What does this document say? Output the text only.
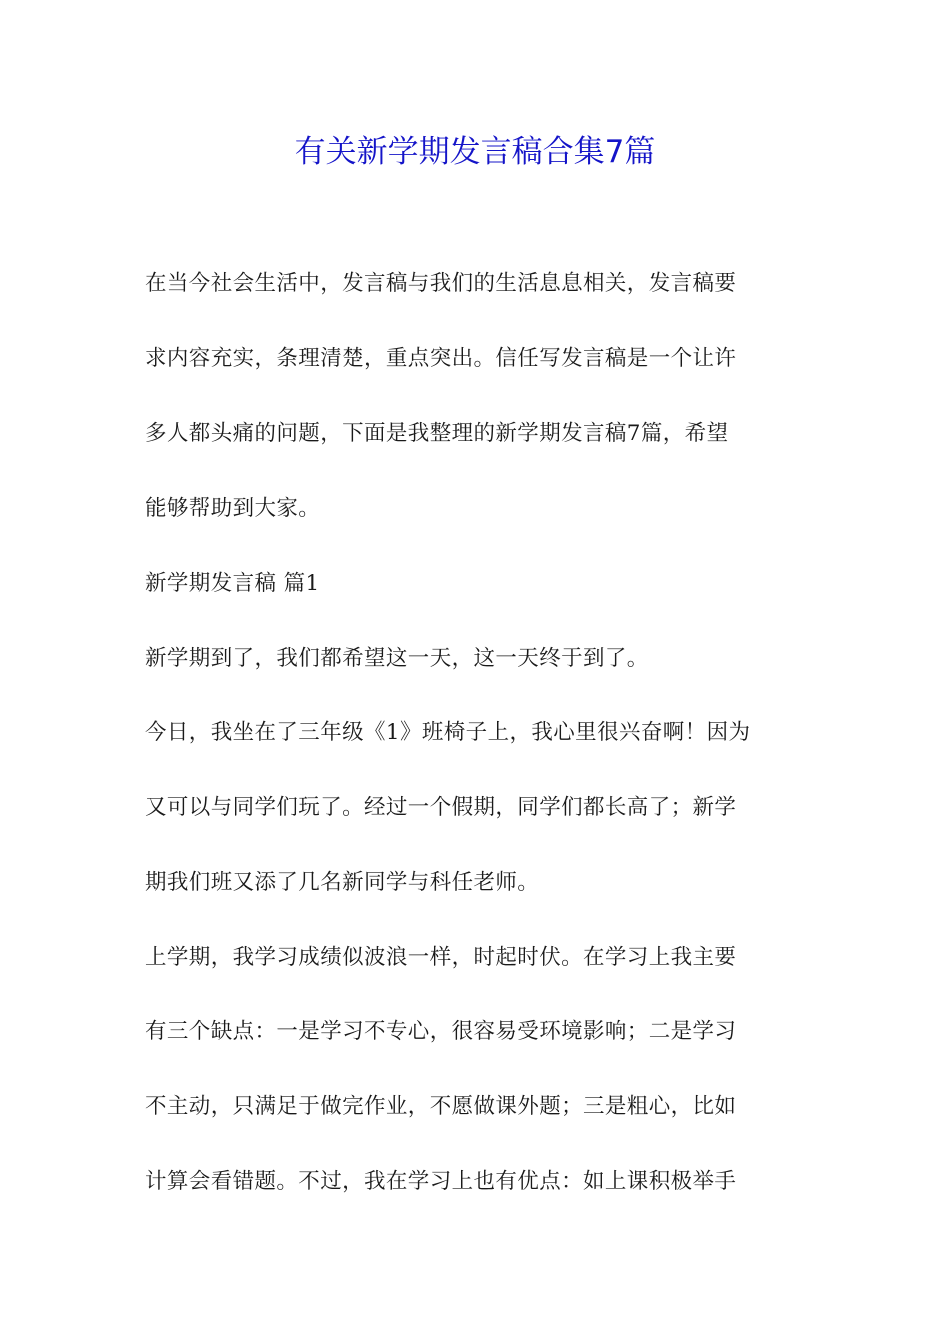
有关新学期发言稿合集7篇
在当今社会生活中，发言稿与我们的生活息息相关，发言稿要
求内容充实，条理清楚，重点突出。信任写发言稿是一个让许
多人都头痛的问题，下面是我整理的新学期发言稿7篇，希望
能够帮助到大家。
新学期发言稿 篇1
新学期到了，我们都希望这一天，这一天终于到了。
今日，我坐在了三年级《1》班椅子上，我心里很兴奋啊！因为
又可以与同学们玩了。经过一个假期，同学们都长高了；新学
期我们班又添了几名新同学与科任老师。
上学期，我学习成绩似波浪一样，时起时伏。在学习上我主要
有三个缺点：一是学习不专心，很容易受环境影响；二是学习
不主动，只满足于做完作业，不愿做课外题；三是粗心，比如
计算会看错题。不过，我在学习上也有优点：如上课积极举手
